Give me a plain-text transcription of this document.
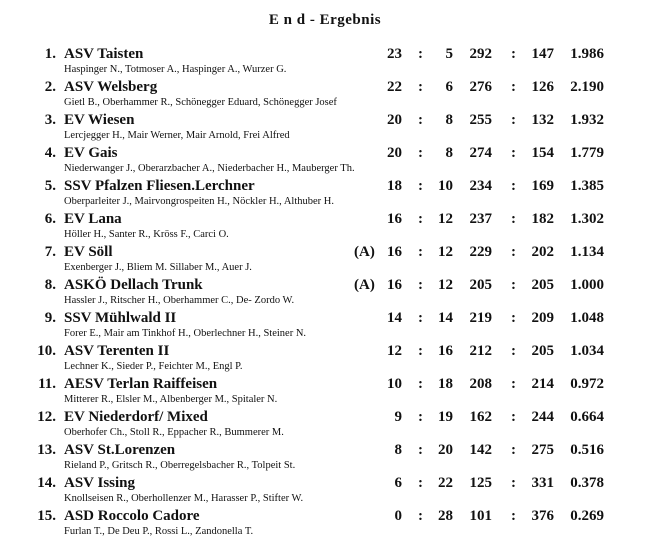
E n d - Ergebnis
1. ASV Taisten	23 :	5	292 :	147 1.986
Haspinger N., Totmoser A., Haspinger A., Wurzer G.
2. ASV Welsberg	22 :	6	276 :	126 2.190
Gietl B., Oberhammer R., Schönegger Eduard, Schönegger Josef
3. EV Wiesen	20 :	8	255 :	132 1.932
Lercjegger H., Mair Werner, Mair Arnold, Frei Alfred
4. EV Gais	20 :	8	274 :	154 1.779
Niederwanger J., Oberarzbacher A., Niederbacher H., Mauberger Th.
5. SSV Pfalzen Fliesen.Lerchner	18 :	10	234 :	169 1.385
Oberparleiter J., Mairvongrospeiten H., Nöckler H., Althuber H.
6. EV Lana	16 :	12	237 :	182 1.302
Höller H., Santer R., Kröss F., Carci O.
7. EV Söll	(A) 16 :	12	229 :	202 1.134
Exenberger J., Bliem M. Sillaber M., Auer J.
8. ASKÖ Dellach Trunk	(A) 16 :	12	205 :	205 1.000
Hassler J., Ritscher H., Oberhammer C., De- Zordo W.
9. SSV Mühlwald II	14 :	14	219 :	209 1.048
Forer E., Mair am Tinkhof H., Oberlechner H., Steiner N.
10. ASV Terenten II	12 :	16	212 :	205 1.034
Lechner K., Sieder P., Feichter M., Engl P.
11. AESV Terlan Raiffeisen	10 :	18	208 :	214 0.972
Mitterer R., Elsler M., Albenberger M., Spitaler N.
12. EV Niederdorf/ Mixed	9 :	19	162 :	244 0.664
Oberhofer Ch., Stoll R., Eppacher R., Bummerer M.
13. ASV St.Lorenzen	8 :	20	142 :	275 0.516
Rieland P., Gritsch R., Oberregelsbacher R., Tolpeit St.
14. ASV Issing	6 :	22	125 :	331 0.378
Knollseisen R., Oberhollenzer M., Harasser P., Stifter W.
15. ASD Roccolo Cadore	0 :	28	101 :	376 0.269
Furlan T., De Deu P., Rossi L., Zandonella T.
